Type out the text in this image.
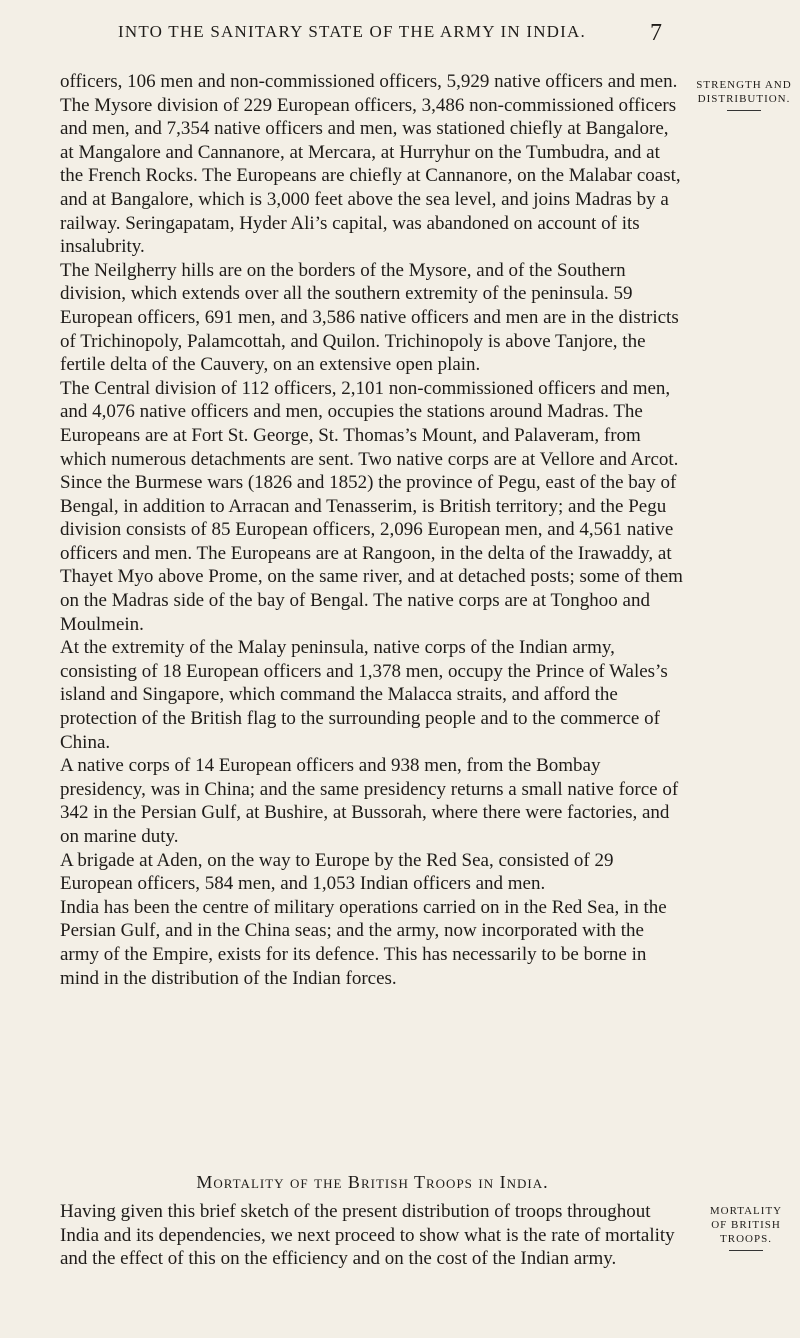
INTO THE SANITARY STATE OF THE ARMY IN INDIA.	7
STRENGTH AND DISTRIBUTION.

officers, 106 men and non-commissioned officers, 5,929 native officers and men.

The Mysore division of 229 European officers, 3,486 non-commissioned officers and men, and 7,354 native officers and men, was stationed chiefly at Bangalore, at Mangalore and Cannanore, at Mercara, at Hurryhur on the Tumbudra, and at the French Rocks. The Europeans are chiefly at Cannanore, on the Malabar coast, and at Bangalore, which is 3,000 feet above the sea level, and joins Madras by a railway. Seringapatam, Hyder Ali’s capital, was abandoned on account of its insalubrity.

The Neilgherry hills are on the borders of the Mysore, and of the Southern division, which extends over all the southern extremity of the peninsula. 59 European officers, 691 men, and 3,586 native officers and men are in the districts of Trichinopoly, Palamcottah, and Quilon. Trichinopoly is above Tanjore, the fertile delta of the Cauvery, on an extensive open plain.

The Central division of 112 officers, 2,101 non-commissioned officers and men, and 4,076 native officers and men, occupies the stations around Madras. The Europeans are at Fort St. George, St. Thomas’s Mount, and Palaveram, from which numerous detachments are sent. Two native corps are at Vellore and Arcot.

Since the Burmese wars (1826 and 1852) the province of Pegu, east of the bay of Bengal, in addition to Arracan and Tenasserim, is British territory; and the Pegu division consists of 85 European officers, 2,096 European men, and 4,561 native officers and men. The Europeans are at Rangoon, in the delta of the Irawaddy, at Thayet Myo above Prome, on the same river, and at detached posts; some of them on the Madras side of the bay of Bengal. The native corps are at Tonghoo and Moulmein.

At the extremity of the Malay peninsula, native corps of the Indian army, consisting of 18 European officers and 1,378 men, occupy the Prince of Wales’s island and Singapore, which command the Malacca straits, and afford the protection of the British flag to the surrounding people and to the commerce of China.

A native corps of 14 European officers and 938 men, from the Bombay presidency, was in China; and the same presidency returns a small native force of 342 in the Persian Gulf, at Bushire, at Bussorah, where there were factories, and on marine duty.

A brigade at Aden, on the way to Europe by the Red Sea, consisted of 29 European officers, 584 men, and 1,053 Indian officers and men.

India has been the centre of military operations carried on in the Red Sea, in the Persian Gulf, and in the China seas; and the army, now incorporated with the army of the Empire, exists for its defence. This has necessarily to be borne in mind in the distribution of the Indian forces.

Mortality of the British Troops in India.

Having given this brief sketch of the present distribution of troops throughout India and its dependencies, we next proceed to show what is the rate of mortality and the effect of this on the efficiency and on the cost of the Indian army.

MORTALITY OF BRITISH TROOPS.
